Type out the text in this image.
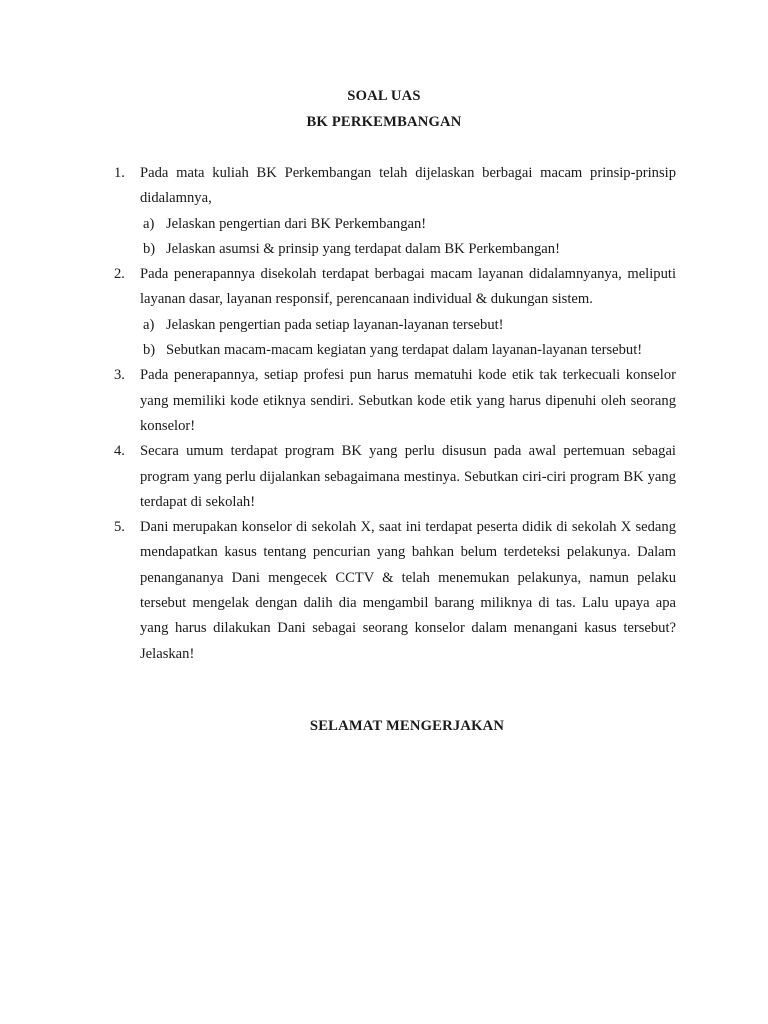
SOAL UAS
BK PERKEMBANGAN
1. Pada mata kuliah BK Perkembangan telah dijelaskan berbagai macam prinsip-prinsip didalamnya,
a) Jelaskan pengertian dari BK Perkembangan!
b) Jelaskan asumsi & prinsip yang terdapat dalam BK Perkembangan!
2. Pada penerapannya disekolah terdapat berbagai macam layanan didalamnyanya, meliputi layanan dasar, layanan responsif, perencanaan individual & dukungan sistem.
a) Jelaskan pengertian pada setiap layanan-layanan tersebut!
b) Sebutkan macam-macam kegiatan yang terdapat dalam layanan-layanan tersebut!
3. Pada penerapannya, setiap profesi pun harus mematuhi kode etik tak terkecuali konselor yang memiliki kode etiknya sendiri. Sebutkan kode etik yang harus dipenuhi oleh seorang konselor!
4. Secara umum terdapat program BK yang perlu disusun pada awal pertemuan sebagai program yang perlu dijalankan sebagaimana mestinya. Sebutkan ciri-ciri program BK yang terdapat di sekolah!
5. Dani merupakan konselor di sekolah X, saat ini terdapat peserta didik di sekolah X sedang mendapatkan kasus tentang pencurian yang bahkan belum terdeteksi pelakunya. Dalam penangananya Dani mengecek CCTV & telah menemukan pelakunya, namun pelaku tersebut mengelak dengan dalih dia mengambil barang miliknya di tas. Lalu upaya apa yang harus dilakukan Dani sebagai seorang konselor dalam menangani kasus tersebut? Jelaskan!
SELAMAT MENGERJAKAN
